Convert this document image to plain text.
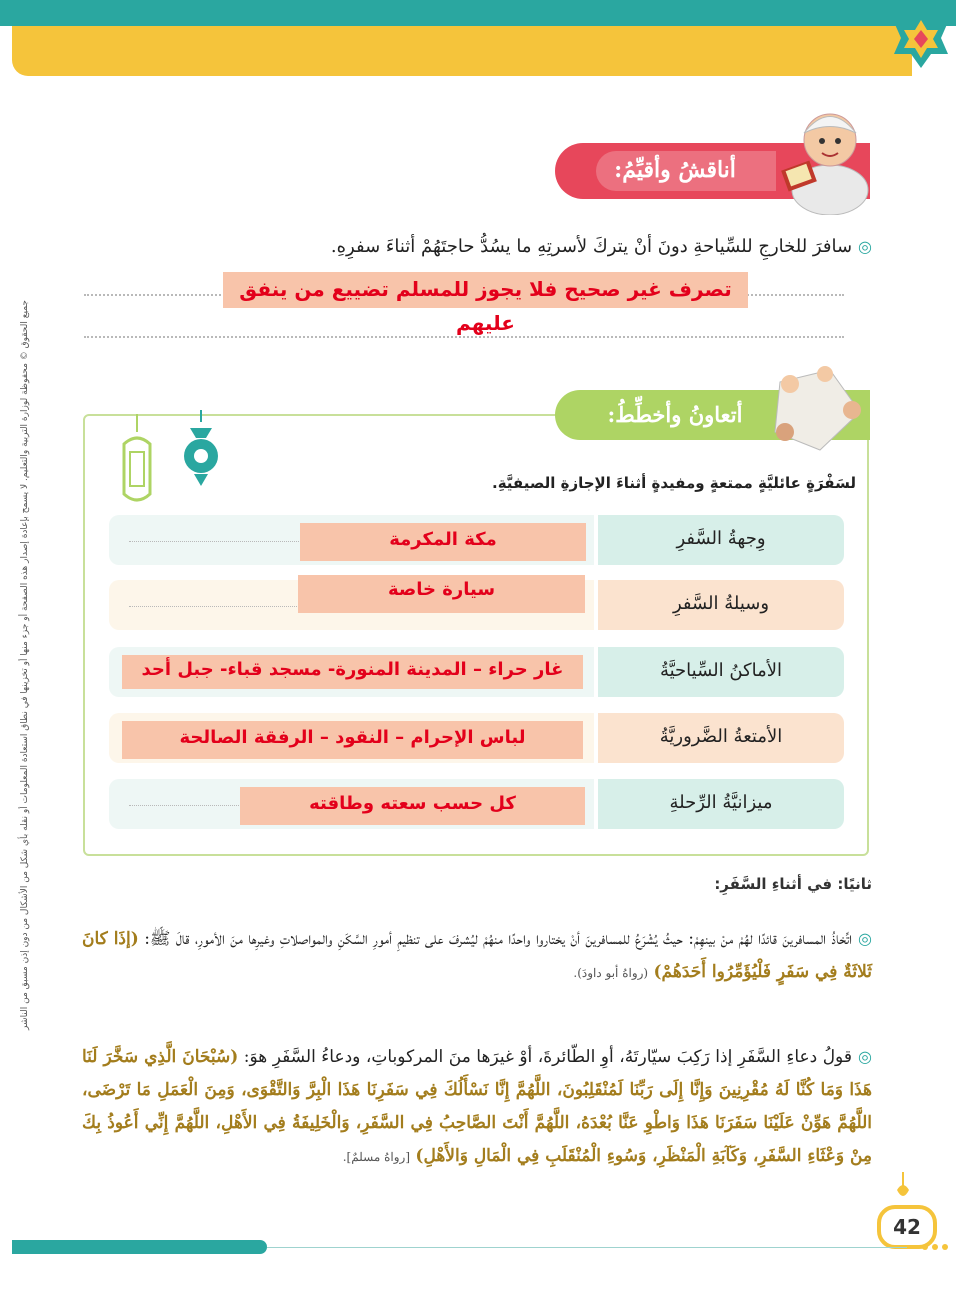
جميع الحقوق © محفوظة لوزارة التربية والتعليم. لا يسمح بإعادة إصدار هذه الصفحة أو جزء منها أو تخزينها في نطاق استعادة المعلومات أو نقله بأي شكل من الأشكال من دون إذن مسبق من الناشر
أناقشُ وأقيِّمُ:
◎سافرَ للخارجِ للسِّياحةِ دونَ أنْ يتركَ لأسرتِهِ ما يسُدُّ حاجتَهُمْ أثناءَ سفرِهِ.
تصرف غير صحيح فلا يجوز للمسلم تضييع من ينفق عليهم
أتعاونُ وأخطِّطُ:
لسَفْرَةٍ عائليَّةٍ ممتعةٍ ومفيدةٍ أثناءَ الإجازةِ الصيفيَّةِ.
وِجهةُ السَّفرِ
مكة المكرمة
وسيلةُ السَّفرِ
سيارة خاصة
الأماكنُ السِّياحيَّةُ
غار حراء – المدينة المنورة- مسجد قباء- جبل أحد
الأمتعةُ الضَّروريَّةُ
لباس الإحرام – النقود – الرفقة الصالحة
ميزانيَّةُ الرِّحلةِ
كل حسب سعته وطاقته
ثانيًا: في أثناءِ السَّفَرِ:
◎اتِّخاذُ المسافرينَ قائدًا لهُمْ منْ بينهِمْ: حيثُ يُشْرَعُ للمسافرينَ أنْ يختاروا واحدًا منهُمْ ليُشرفَ على تنظيمِ أمورِ السَّكَنِ والمواصلاتِ وغيرِها منَ الأمورِ، قالَ ﷺ: (إذَا كانَ ثَلاثَةٌ فِي سَفَرٍ فَلْيُؤَمِّرُوا أَحَدَهُمْ) (رواهُ أبو داودَ).
◎قولُ دعاءِ السَّفَرِ إذا رَكِبَ سيّارتَهُ، أوِ الطّائرةَ، أوْ غيرَها منَ المركوباتِ، ودعاءُ السَّفَرِ هوَ: (سُبْحَانَ الَّذِي سَخَّرَ لَنَا هَذَا وَمَا كُنَّا لَهُ مُقْرِنِينَ وَإِنَّا إِلَى رَبِّنَا لَمُنْقَلِبُونَ، اللَّهُمَّ إِنَّا نَسْأَلُكَ فِي سَفَرِنَا هَذَا الْبِرَّ وَالتَّقْوَى، وَمِنَ الْعَمَلِ مَا تَرْضَى، اللَّهُمَّ هَوِّنْ عَلَيْنَا سَفَرَنَا هَذَا وَاطْوِ عَنَّا بُعْدَهُ، اللَّهُمَّ أَنْتَ الصَّاحِبُ فِي السَّفَرِ، وَالْخَلِيفَةُ فِي الأَهْلِ، اللَّهُمَّ إِنِّي أَعُوذُ بِكَ مِنْ وَعْثَاءِ السَّفَرِ، وَكَآبَةِ الْمَنْظَرِ، وَسُوءِ الْمُنْقَلَبِ فِي الْمَالِ وَالأَهْلِ) [رواهُ مسلمٌ].
42
